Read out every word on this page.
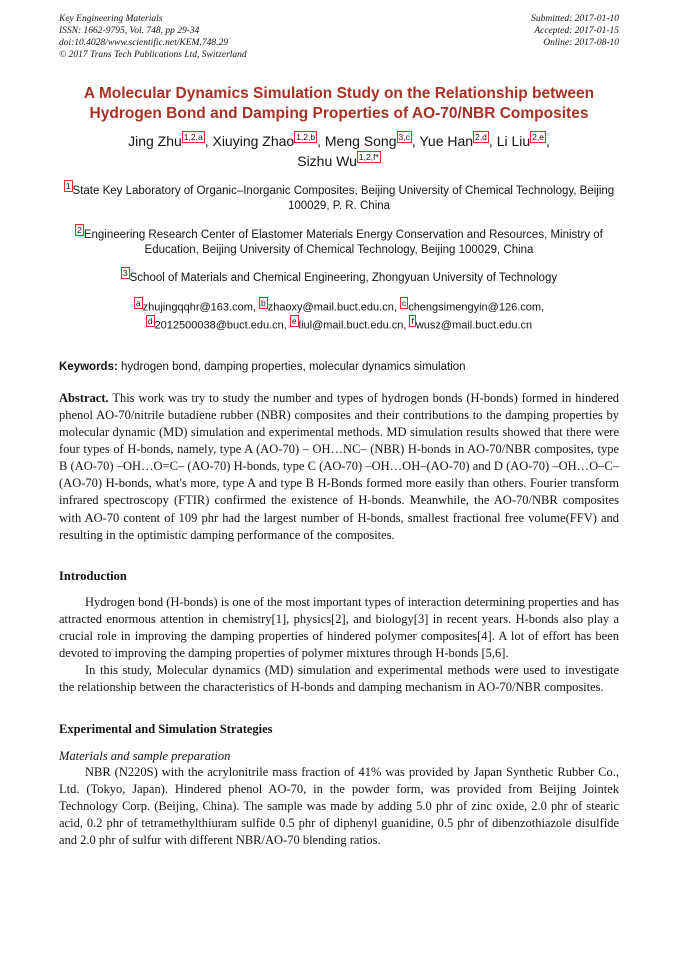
Key Engineering Materials
ISSN: 1662-9795, Vol. 748, pp 29-34
doi:10.4028/www.scientific.net/KEM.748.29
© 2017 Trans Tech Publications Ltd, Switzerland
Submitted: 2017-01-10
Accepted: 2017-01-15
Online: 2017-08-10
A Molecular Dynamics Simulation Study on the Relationship between Hydrogen Bond and Damping Properties of AO-70/NBR Composites
Jing Zhu $^{1,2,a}$ , Xiuying Zhao $^{1,2,b}$ , Meng Song $^{3,c}$ , Yue Han $^{2,d}$ , Li Liu $^{2,e}$ ,
Sizhu Wu $^{1,2,f*}$

$^1$ State Key Laboratory of Organic–Inorganic Composites, Beijing University of Chemical Technology, Beijing 100029, P. R. China

$^2$ Engineering Research Center of Elastomer Materials Energy Conservation and Resources, Ministry of Education, Beijing University of Chemical Technology, Beijing 100029, China

$^3$ School of Materials and Chemical Engineering, Zhongyuan University of Technology

$^a$ zhujingqqhr@163.com, $^b$ zhaoxy@mail.buct.edu.cn, $^c$ chengsimengyin@126.com,
$^d$ 2012500038@buct.edu.cn, $^e$ liul@mail.buct.edu.cn, $^f$ wusz@mail.buct.edu.cn

Keywords: hydrogen bond, damping properties, molecular dynamics simulation

Abstract. This work was try to study the number and types of hydrogen bonds (H-bonds) formed in hindered phenol AO-70/nitrile butadiene rubber (NBR) composites and their contributions to the damping properties by molecular dynamic (MD) simulation and experimental methods. MD simulation results showed that there were four types of H-bonds, namely, type A (AO-70) – OH…NC– (NBR) H-bonds in AO-70/NBR composites, type B (AO-70) –OH…O=C– (AO-70) H-bonds, type C (AO-70) –OH…OH–(AO-70) and D (AO-70) –OH…O–C– (AO-70) H-bonds, what's more, type A and type B H-Bonds formed more easily than others. Fourier transform infrared spectroscopy (FTIR) confirmed the existence of H-bonds. Meanwhile, the AO-70/NBR composites with AO-70 content of 109 phr had the largest number of H-bonds, smallest fractional free volume(FFV) and resulting in the optimistic damping performance of the composites.

Introduction

Hydrogen bond (H-bonds) is one of the most important types of interaction determining properties and has attracted enormous attention in chemistry[1], physics[2], and biology[3] in recent years. H-bonds also play a crucial role in improving the damping properties of hindered polymer composites[4]. A lot of effort has been devoted to improving the damping properties of polymer mixtures through H-bonds [5,6].

In this study, Molecular dynamics (MD) simulation and experimental methods were used to investigate the relationship between the characteristics of H-bonds and damping mechanism in AO-70/NBR composites.

Experimental and Simulation Strategies
Materials and sample preparation

NBR (N220S) with the acrylonitrile mass fraction of 41% was provided by Japan Synthetic Rubber Co., Ltd. (Tokyo, Japan). Hindered phenol AO-70, in the powder form, was provided from Beijing Jointek Technology Corp. (Beijing, China). The sample was made by adding 5.0 phr of zinc oxide, 2.0 phr of stearic acid, 0.2 phr of tetramethylthiuram sulfide 0.5 phr of diphenyl guanidine, 0.5 phr of dibenzothiazole disulfide and 2.0 phr of sulfur with different NBR/AO-70 blending ratios.
